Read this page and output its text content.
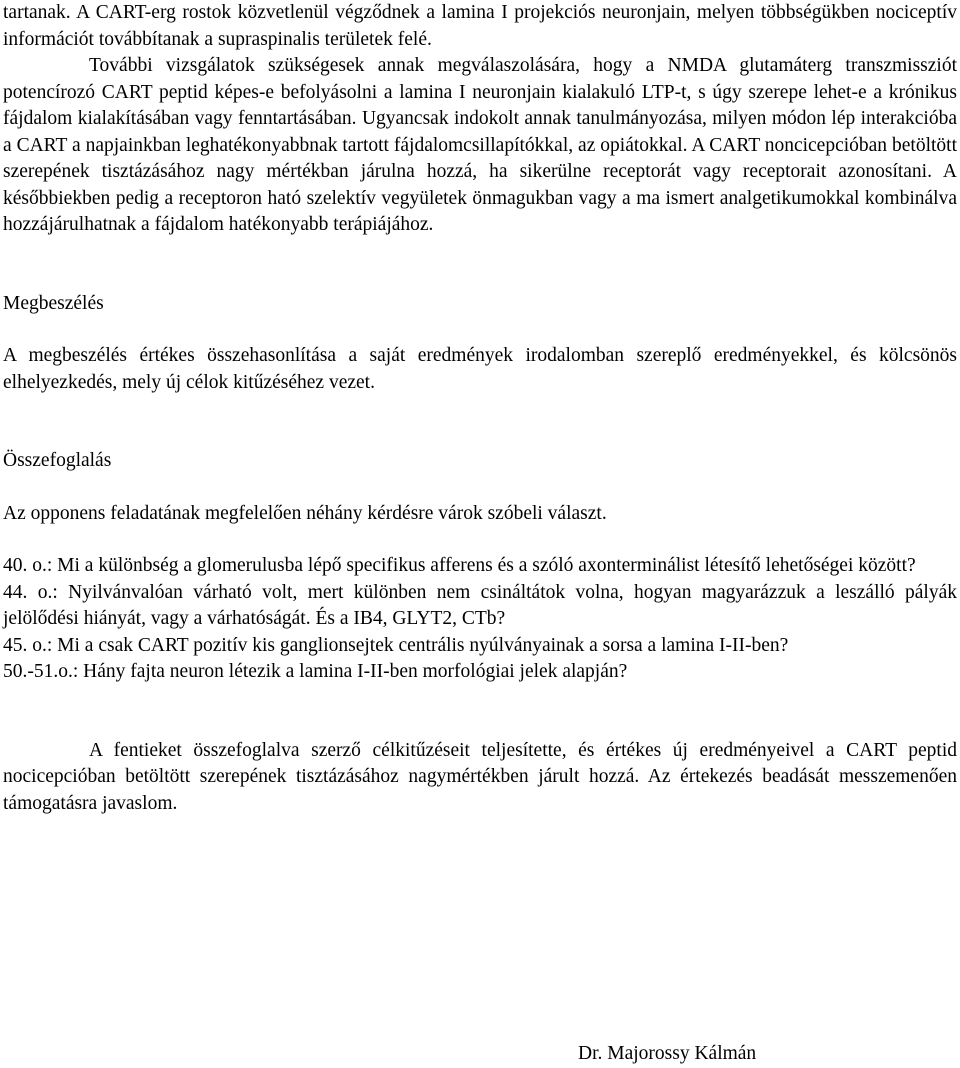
tartanak. A CART-erg rostok közvetlenül végződnek a lamina I projekciós neuronjain, melyen többségükben nociceptív információt továbbítanak a supraspinalis területek felé.

További vizsgálatok szükségesek annak megválaszolására, hogy a NMDA glutamáterg transzmissziót potencírozó CART peptid képes-e befolyásolni a lamina I neuronjain kialakuló LTP-t, s úgy szerepe lehet-e a krónikus fájdalom kialakításában vagy fenntartásában. Ugyancsak indokolt annak tanulmányozása, milyen módon lép interakcióba a CART a napjainkban leghatékonyabbnak tartott fájdalomcsillapítókkal, az opiátokkal. A CART noncicepcióban betöltött szerepének tisztázásához nagy mértékban járulna hozzá, ha sikerülne receptorát vagy receptorait azonosítani. A későbbiekben pedig a receptoron ható szelektív vegyületek önmagukban vagy a ma ismert analgetikumokkal kombinálva hozzájárulhatnak a fájdalom hatékonyabb terápiájához.

Megbeszélés

A megbeszélés értékes összehasonlítása a saját eredmények irodalomban szereplő eredményekkel, és kölcsönös elhelyezkedés, mely új célok kitűzéséhez vezet.

Összefoglalás

Az opponens feladatának megfelelően néhány kérdésre várok szóbeli választ.

40. o.: Mi a különbség a glomerulusba lépő specifikus afferens és a szóló axonterminálist létesítő lehetőségei között?

44. o.: Nyilvánvalóan várható volt, mert különben nem csináltátok volna, hogyan magyarázzuk a leszálló pályák jelölődési hiányát, vagy a várhatóságát. És a IB4, GLYT2, CTb?

45. o.: Mi a csak CART pozitív kis ganglionsejtek centrális nyúlványainak a sorsa a lamina I-II-ben?

50.-51.o.: Hány fajta neuron létezik a lamina I-II-ben morfológiai jelek alapján?

A fentieket összefoglalva szerző célkitűzéseit teljesítette, és értékes új eredményeivel a CART peptid nocicepcióban betöltött szerepének tisztázásához nagymértékben járult hozzá. Az értekezés beadását messzemenően támogatásra javaslom.

Dr. Majorossy Kálmán
